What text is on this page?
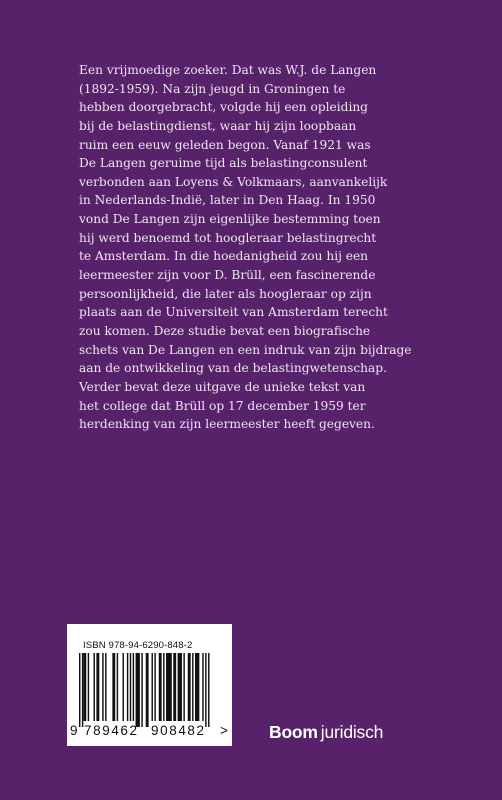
Een vrijmoedige zoeker. Dat was W.J. de Langen
(1892-1959). Na zijn jeugd in Groningen te
hebben doorgebracht, volgde hij een opleiding
bij de belastingdienst, waar hij zijn loopbaan
ruim een eeuw geleden begon. Vanaf 1921 was
De Langen geruime tijd als belastingconsulent
verbonden aan Loyens & Volkmaars, aanvankelijk
in Nederlands-Indië, later in Den Haag. In 1950
vond De Langen zijn eigenlijke bestemming toen
hij werd benoemd tot hoogleraar belastingrecht
te Amsterdam. In die hoedanigheid zou hij een
leermeester zijn voor D. Brüll, een fascinerende
persoonlijkheid, die later als hoogleraar op zijn
plaats aan de Universiteit van Amsterdam terecht
zou komen. Deze studie bevat een biografische
schets van De Langen en een indruk van zijn bijdrage
aan de ontwikkeling van de belastingwetenschap.
Verder bevat deze uitgave de unieke tekst van
het college dat Brüll op 17 december 1959 ter
herdenking van zijn leermeester heeft gegeven.
ISBN 978-94-6290-848-2
9 789462 908482 > Boom juridisch
